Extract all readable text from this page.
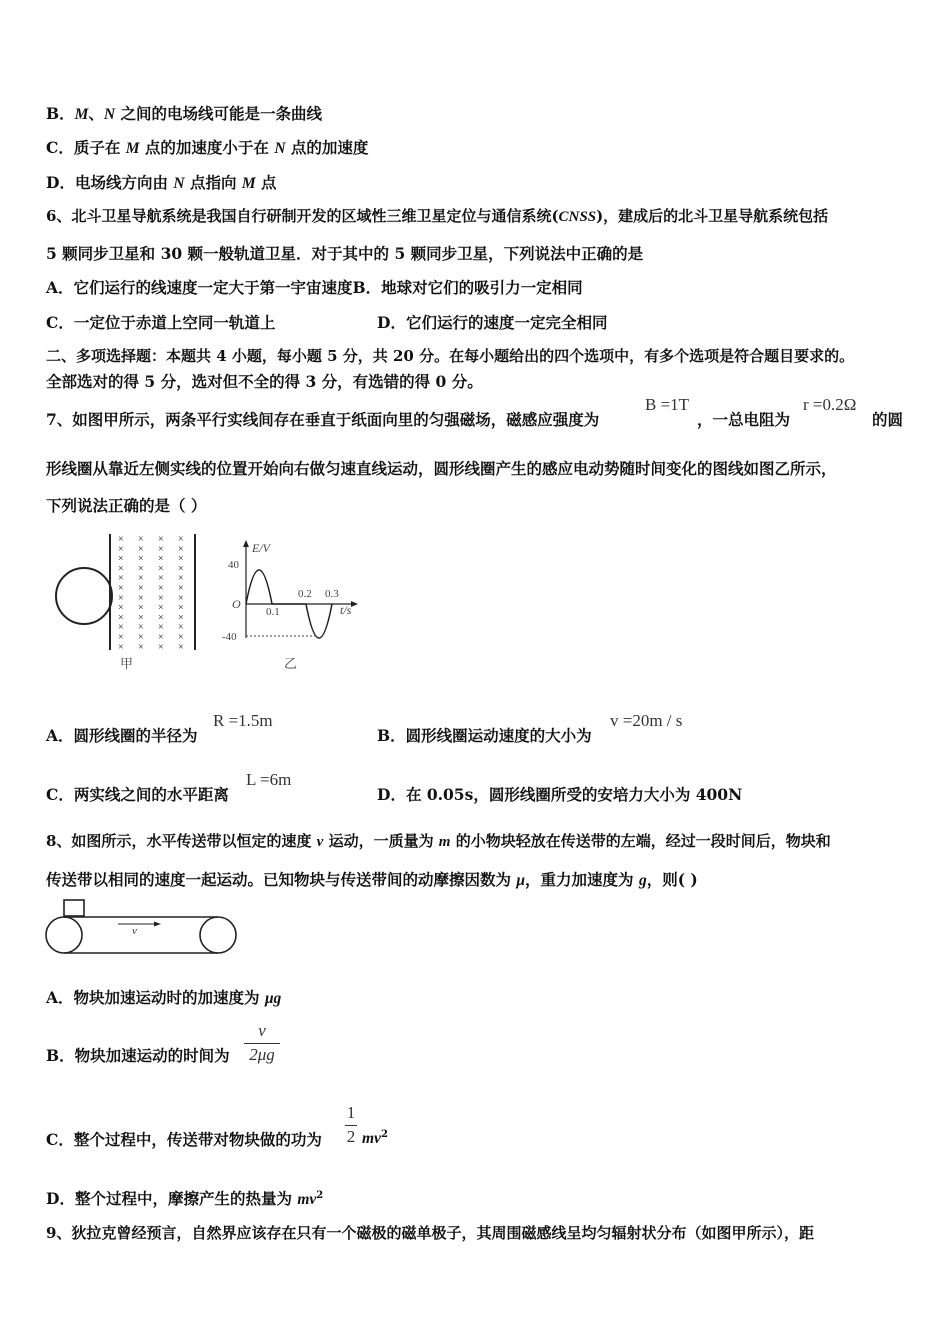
B．M、N 之间的电场线可能是一条曲线
C．质子在 M 点的加速度小于在 N 点的加速度
D．电场线方向由 N 点指向 M 点
6、北斗卫星导航系统是我国自行研制开发的区域性三维卫星定位与通信系统(CNSS)，建成后的北斗卫星导航系统包括
5 颗同步卫星和 30 颗一般轨道卫星．对于其中的 5 颗同步卫星，下列说法中正确的是
A．它们运行的线速度一定大于第一宇宙速度B．地球对它们的吸引力一定相同
C．一定位于赤道上空同一轨道上	D．它们运行的速度一定完全相同
二、多项选择题：本题共 4 小题，每小题 5 分，共 20 分。在每小题给出的四个选项中，有多个选项是符合题目要求的。
全部选对的得 5 分，选对但不全的得 3 分，有选错的得 0 分。
7、如图甲所示，两条平行实线间存在垂直于纸面向里的匀强磁场，磁感应强度为
B =1T
，一总电阻为
r =0.2Ω
的圆
形线圈从靠近左侧实线的位置开始向右做匀速直线运动，圆形线圈产生的感应电动势随时间变化的图线如图乙所示，
下列说法正确的是（ ）
× × × ×
× × × ×
× × × ×
× × × ×
× × × ×
× × × ×
× × × ×
× × × ×
× × × ×
× × × ×
× × × ×
× × × ×
甲
E/V
t/s
O
40
-40
0.1
0.2 0.3
乙
A．圆形线圈的半径为
R =1.5m
B．圆形线圈运动速度的大小为
v =20m / s
C．两实线之间的水平距离
L =6m
D．在 0.05s，圆形线圈所受的安培力大小为 400N
8、如图所示，水平传送带以恒定的速度 v 运动，一质量为 m 的小物块轻放在传送带的左端，经过一段时间后，物块和
传送带以相同的速度一起运动。已知物块与传送带间的动摩擦因数为 μ，重力加速度为 g，则( )
v
A．物块加速运动时的加速度为 μg
B．物块加速运动的时间为
v
2μg
C．整个过程中，传送带对物块做的功为
1
2 $mv^2$
D．整个过程中，摩擦产生的热量为 $mv^2$
9、狄拉克曾经预言，自然界应该存在只有一个磁极的磁单极子，其周围磁感线呈均匀辐射状分布（如图甲所示），距
